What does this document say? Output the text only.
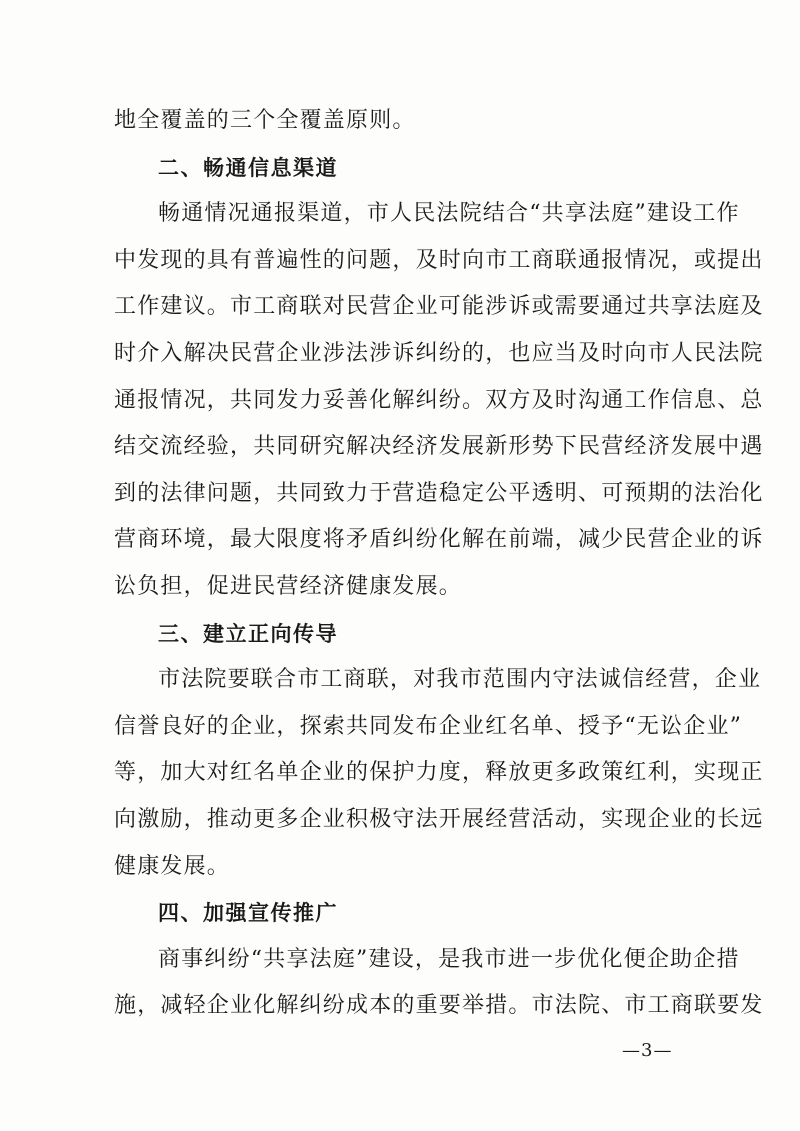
地全覆盖的三个全覆盖原则。
二、畅通信息渠道
畅通情况通报渠道，市人民法院结合“共享法庭”建设工作
中发现的具有普遍性的问题，及时向市工商联通报情况，或提出
工作建议。市工商联对民营企业可能涉诉或需要通过共享法庭及
时介入解决民营企业涉法涉诉纠纷的，也应当及时向市人民法院
通报情况，共同发力妥善化解纠纷。双方及时沟通工作信息、总
结交流经验，共同研究解决经济发展新形势下民营经济发展中遇
到的法律问题，共同致力于营造稳定公平透明、可预期的法治化
营商环境，最大限度将矛盾纠纷化解在前端，减少民营企业的诉
讼负担，促进民营经济健康发展。
三、建立正向传导
市法院要联合市工商联，对我市范围内守法诚信经营，企业
信誉良好的企业，探索共同发布企业红名单、授予“无讼企业”
等，加大对红名单企业的保护力度，释放更多政策红利，实现正
向激励，推动更多企业积极守法开展经营活动，实现企业的长远
健康发展。
四、加强宣传推广
商事纠纷“共享法庭”建设，是我市进一步优化便企助企措
施，减轻企业化解纠纷成本的重要举措。市法院、市工商联要发
—3—
